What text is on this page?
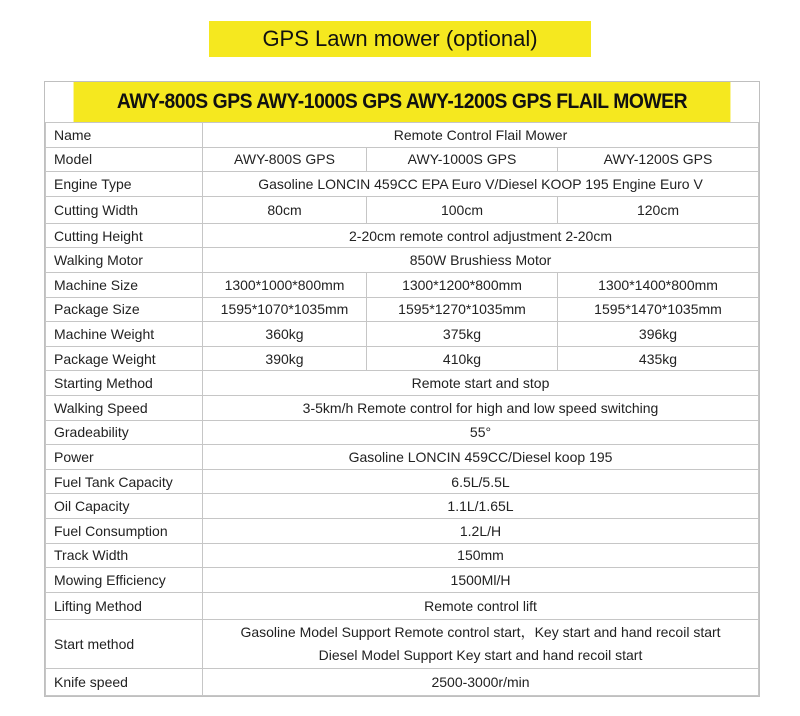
GPS Lawn mower (optional)
AWY-800S GPS AWY-1000S GPS AWY-1200S GPS FLAIL MOWER
Name	Remote Control Flail Mower		
Model	AWY-800S GPS	AWY-1000S GPS	AWY-1200S GPS
Engine Type	Gasoline LONCIN 459CC EPA Euro V/Diesel KOOP 195 Engine Euro V		
Cutting Width	80cm	100cm	120cm
Cutting Height	2-20cm remote control adjustment 2-20cm		
Walking Motor	850W Brushiess Motor		
Machine Size	1300*1000*800mm	1300*1200*800mm	1300*1400*800mm
Package Size	1595*1070*1035mm	1595*1270*1035mm	1595*1470*1035mm
Machine Weight	360kg	375kg	396kg
Package Weight	390kg	410kg	435kg
Starting Method	Remote start and stop		
Walking Speed	3-5km/h Remote control for high and low speed switching		
Gradeability	55°		
Power	Gasoline LONCIN 459CC/Diesel koop 195		
Fuel Tank Capacity	6.5L/5.5L		
Oil Capacity	1.1L/1.65L		
Fuel Consumption	1.2L/H		
Track Width	150mm		
Mowing Efficiency	1500Ml/H		
Lifting Method	Remote control lift		
Start method	Gasoline Model Support Remote control start，Key start and hand recoil start
Diesel Model Support Key start and hand recoil start		

Knife speed	2500-3000r/min		
